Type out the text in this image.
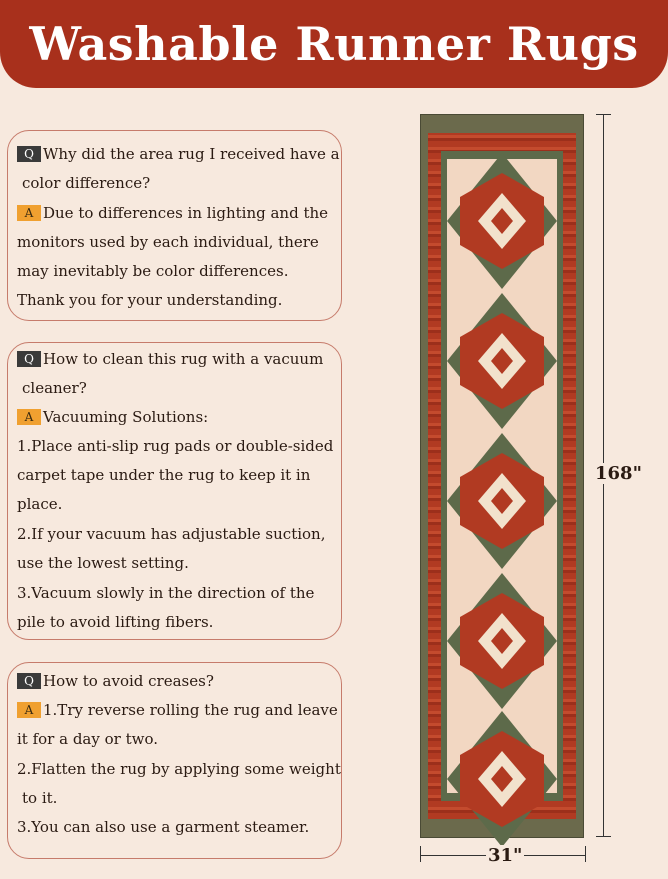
Washable Runner Rugs
Q Why did the area rug I received have a
color difference?
A Due to differences in lighting and the
monitors used by each individual, there
may inevitably be color differences.
Thank you for your understanding.
Q How to clean this rug with a vacuum
cleaner?
A Vacuuming Solutions:
1.Place anti-slip rug pads or double-sided
carpet tape under the rug to keep it in
place.
2.If your vacuum has adjustable suction,
use the lowest setting.
3.Vacuum slowly in the direction of the
pile to avoid lifting fibers.
Q How to avoid creases?
A 1.Try reverse rolling the rug and leave
it for a day or two.
2.Flatten the rug by applying some weight
to it.
3.You can also use a garment steamer.
168"
31"
